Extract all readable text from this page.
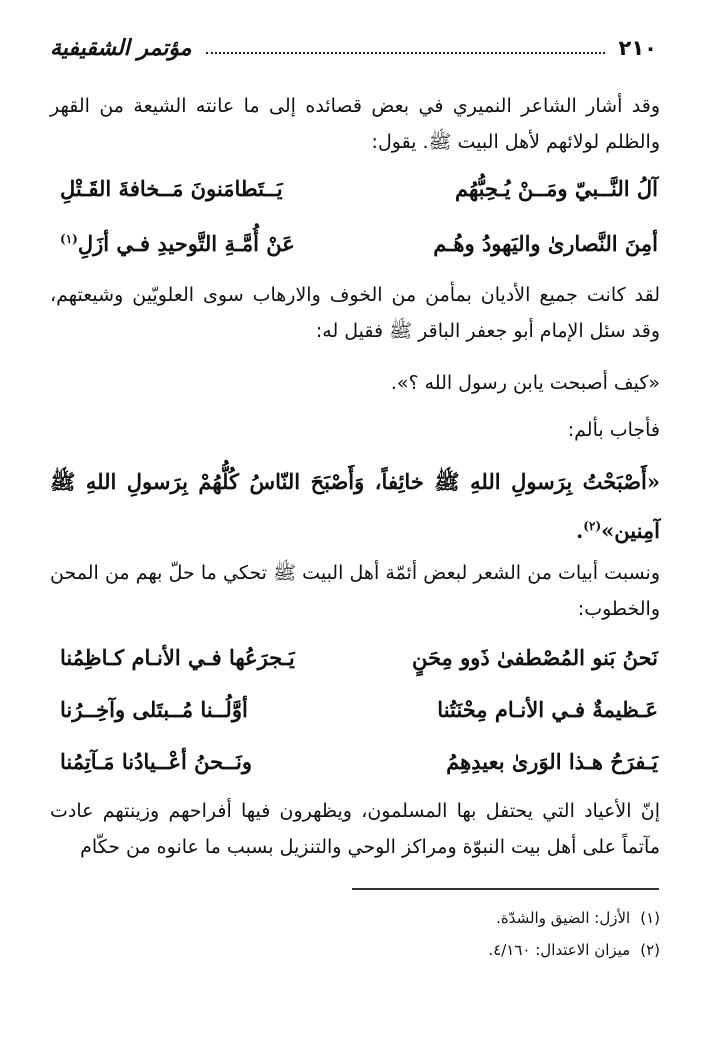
٢١٠
مؤتمر الشقيفية
وقد أشار الشاعر النميري في بعض قصائده إلى ما عانته الشيعة من القهر والظلم لولائهم لأهل البيت ﷺ. يقول:
آلُ النَّــبيّ ومَــنْ يُـحِبُّهُم
يَــتَطامَنونَ مَــخافةَ القَـتْلِ
أمِنَ النَّصارىٰ واليَهودُ وهُـم
عَنْ أُمَّـةِ التَّوحيدِ فـي أزَلِ$^{(١)}$
لقد كانت جميع الأديان بمأمن من الخوف والارهاب سوى العلويّين وشيعتهم، وقد سئل الإمام أبو جعفر الباقر ﷺ فقيل له:
«كيف أصبحت يابن رسول الله ؟».
فأجاب بألم:
«أَصْبَحْتُ بِرَسولِ اللهِ ﷺ خائِفاً، وَأَصْبَحَ النّاسُ كُلُّهُمْ بِرَسولِ اللهِ ﷺ آمِنين»$^{(٢)}$.
ونسبت أبيات من الشعر لبعض أئمّة أهل البيت ﷺ تحكي ما حلّ بهم من المحن والخطوب:
نَحنُ بَنو المُصْطفىٰ ذَوو مِحَنٍ
يَـجرَعُها فـي الأنـام كـاظِمُنا
عَـظيمةٌ فـي الأنـام مِحْنَتُنا
أوَّلُــنا مُــبتَلى وآخِــرُنا
يَـفرَحُ هـذا الوَرىٰ بعيدِهِمُ
ونَــحنُ أعْــيادُنا مَـآتِمُنا
إنّ الأعياد التي يحتفل بها المسلمون، ويظهرون فيها أفراحهم وزينتهم عادت مآتماً على أهل بيت النبوّة ومراكز الوحي والتنزيل بسبب ما عانوه من حكّام
(١)الأزل: الضيق والشدّة.
(٢)ميزان الاعتدال: ٤/١٦٠.
